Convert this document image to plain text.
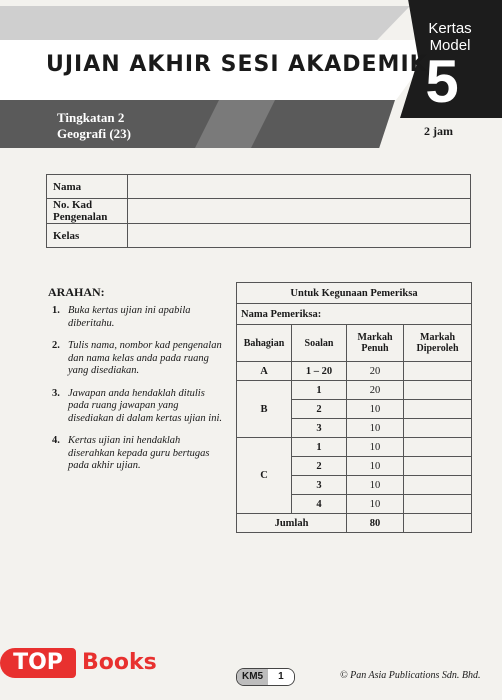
UJIAN AKHIR SESI AKADEMIK
Kertas
Model
5
2 jam
Tingkatan 2
Geografi (23)
Nama	
No. Kad Pengenalan	
Kelas	
ARAHAN:
1. Buka kertas ujian ini apabila diberitahu.
2. Tulis nama, nombor kad pengenalan dan nama kelas anda pada ruang yang disediakan.
3. Jawapan anda hendaklah ditulis pada ruang jawapan yang disediakan di dalam kertas ujian ini.
4. Kertas ujian ini hendaklah diserahkan kepada guru bertugas pada akhir ujian.
Untuk Kegunaan Pemeriksa			
Nama Pemeriksa:			
Bahagian	Soalan	Markah Penuh	Markah Diperoleh
A	1 – 20	20	
B	1	20	
	2	10	
	3	10	
C	1	10	
	2	10	
	3	10	
	4	10	
Jumlah		80	
TOP Books
KM5	1	© Pan Asia Publications Sdn. Bhd.
